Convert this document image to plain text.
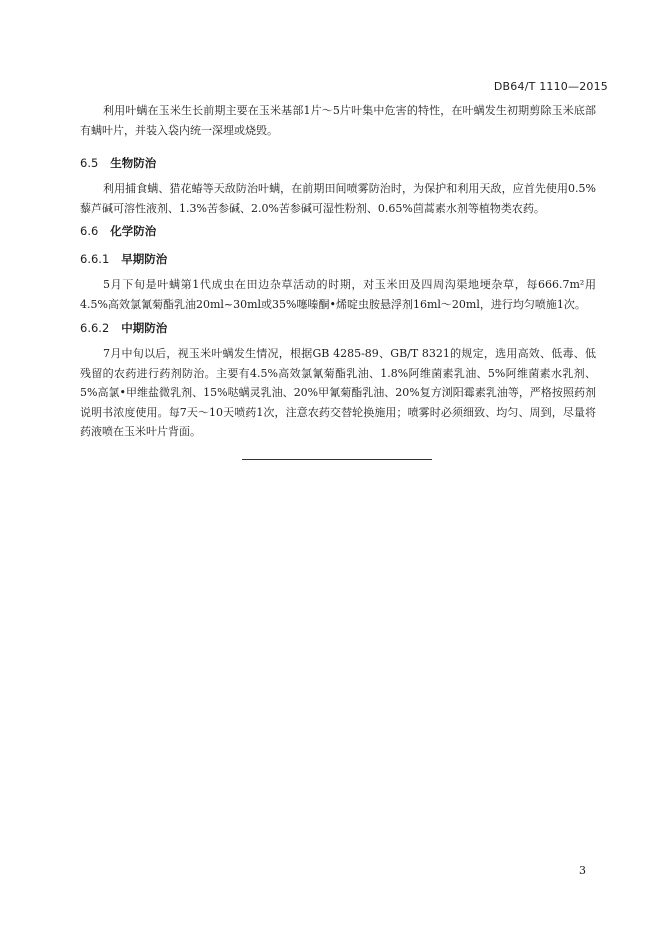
DB64/T 1110—2015

利用叶螨在玉米生长前期主要在玉米基部1片～5片叶集中危害的特性，在叶螨发生初期剪除玉米底部有螨叶片，并装入袋内统一深埋或烧毁。

6.5 生物防治

利用捕食螨、猎花蝽等天敌防治叶螨，在前期田间喷雾防治时，为保护和利用天敌，应首先使用0.5%藜芦碱可溶性液剂、1.3%苦参碱、2.0%苦参碱可湿性粉剂、0.65%茴蒿素水剂等植物类农药。

6.6 化学防治
6.6.1 早期防治

5月下旬是叶螨第1代成虫在田边杂草活动的时期，对玉米田及四周沟渠地埂杂草，每666.7m²用4.5%高效氯氰菊酯乳油20ml~30ml或35%噻嗪酮•烯啶虫胺悬浮剂16ml～20ml，进行均匀喷施1次。

6.6.2 中期防治

7月中旬以后，视玉米叶螨发生情况，根据GB 4285-89、GB/T 8321的规定，选用高效、低毒、低残留的农药进行药剂防治。主要有4.5%高效氯氰菊酯乳油、1.8%阿维菌素乳油、5%阿维菌素水乳剂、5%高氯•甲维盐微乳剂、15%哒螨灵乳油、20%甲氰菊酯乳油、20%复方浏阳霉素乳油等，严格按照药剂说明书浓度使用。每7天～10天喷药1次，注意农药交替轮换施用；喷雾时必须细致、均匀、周到，尽量将药液喷在玉米叶片背面。

3
